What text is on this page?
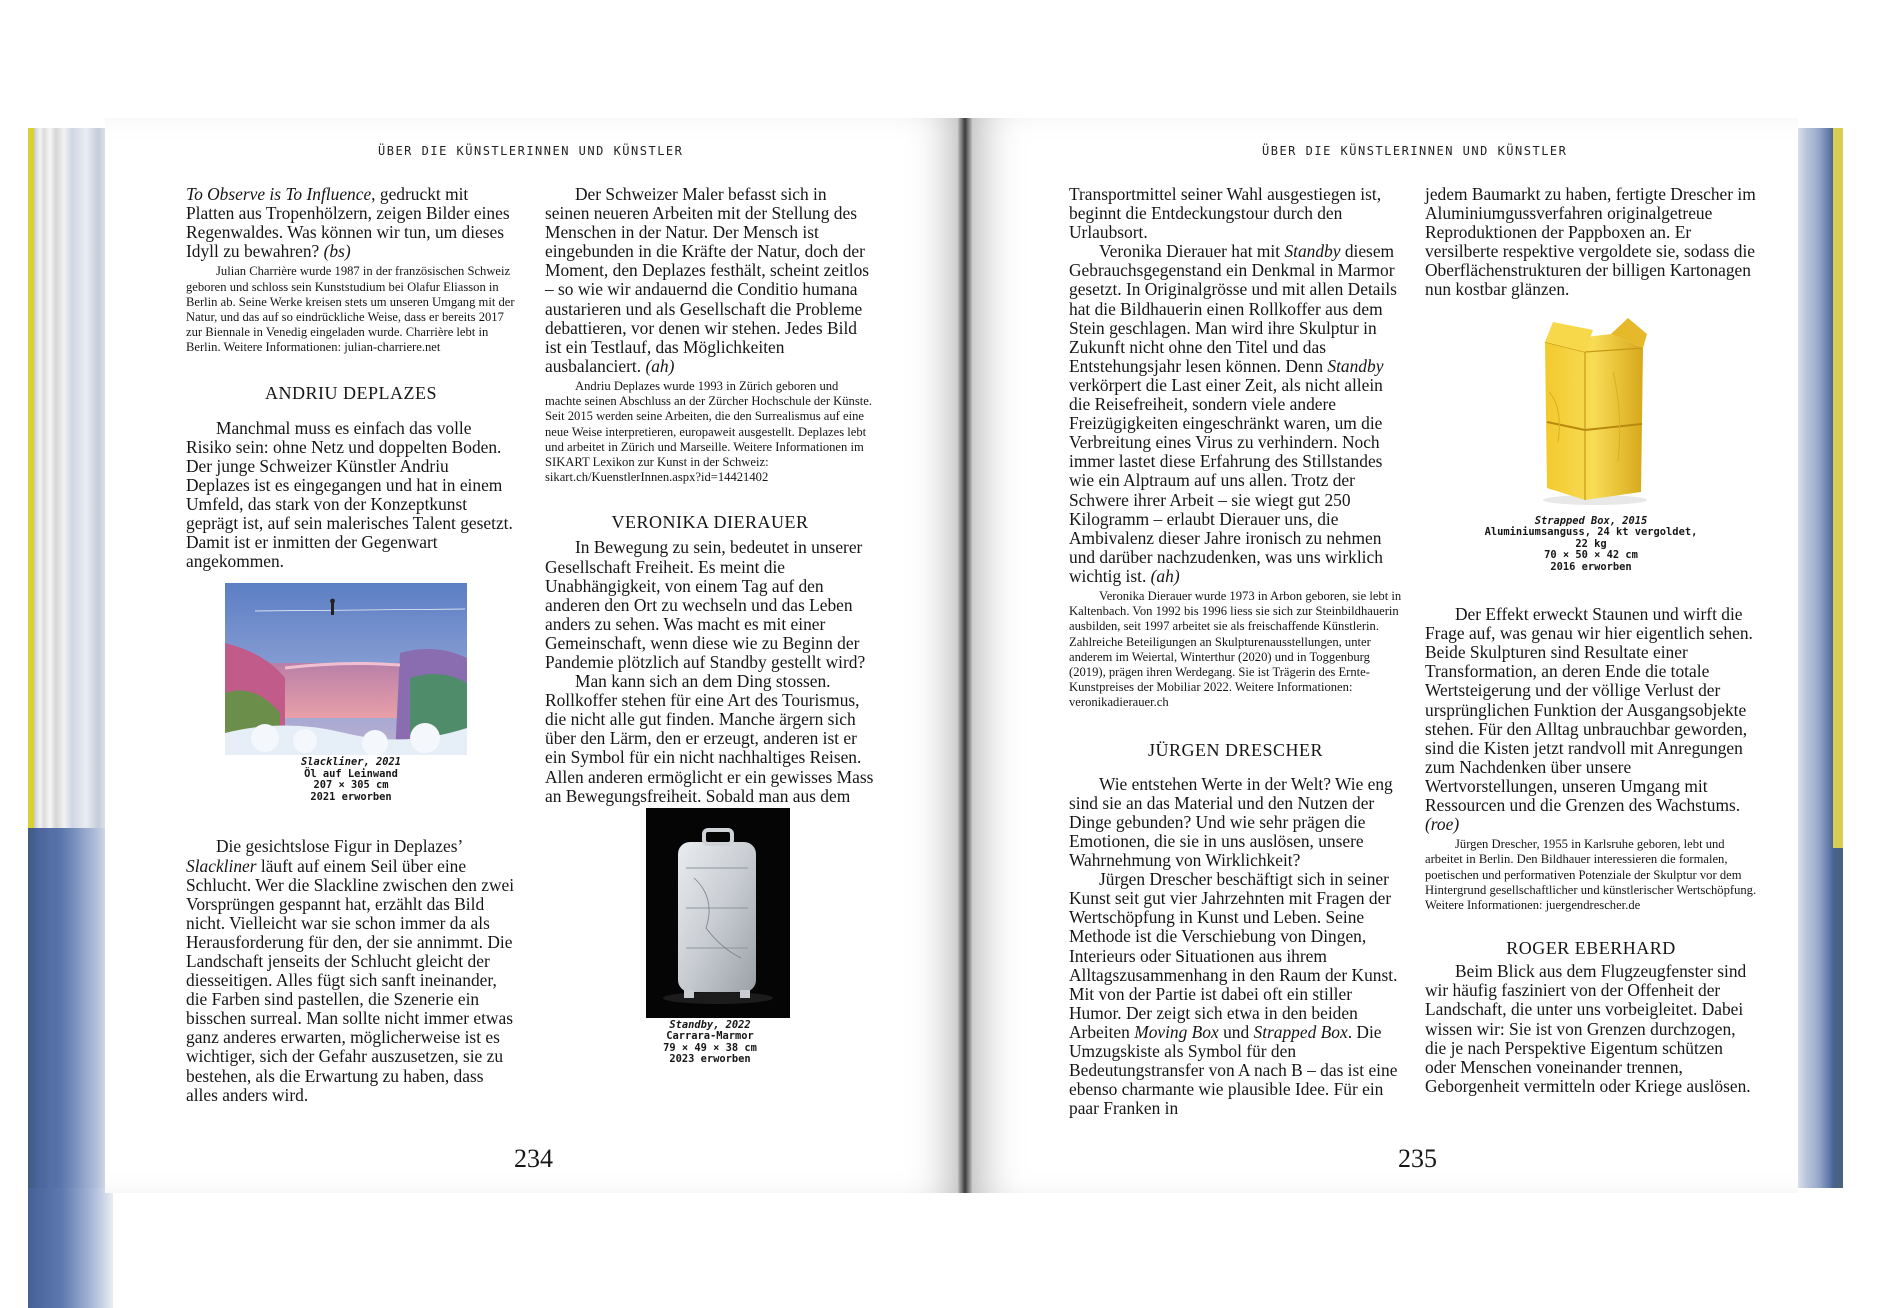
ÜBER DIE KÜNSTLERINNEN UND KÜNSTLER	ÜBER DIE KÜNSTLERINNEN UND KÜNSTLER

To Observe is To Influence, gedruckt mit Platten aus Tropenhölzern, zeigen Bilder eines Regenwaldes. Was können wir tun, um dieses Idyll zu bewahren? (bs)

Julian Charrière wurde 1987 in der französischen Schweiz geboren und schloss sein Kunststudium bei Olafur Eliasson in Berlin ab. Seine Werke kreisen stets um unseren Umgang mit der Natur, und das auf so eindrückliche Weise, dass er bereits 2017 zur Biennale in Venedig eingeladen wurde. Charrière lebt in Berlin. Weitere Informationen: julian-charriere.net

ANDRIU DEPLAZES

Manchmal muss es einfach das volle Risiko sein: ohne Netz und doppelten Boden. Der junge Schweizer Künstler Andriu Deplazes ist es eingegangen und hat in einem Umfeld, das stark von der Konzeptkunst geprägt ist, auf sein malerisches Talent gesetzt. Damit ist er inmitten der Gegenwart angekommen.

Slackliner, 2021

Öl auf Leinwand

207 × 305 cm

2021 erworben

Die gesichtslose Figur in Deplazes’ Slackliner läuft auf einem Seil über eine Schlucht. Wer die Slackline zwischen den zwei Vorsprüngen gespannt hat, erzählt das Bild nicht. Vielleicht war sie schon immer da als Herausforderung für den, der sie annimmt. Die Landschaft jenseits der Schlucht gleicht der diesseitigen. Alles fügt sich sanft ineinander, die Farben sind pastellen, die Szenerie ein bisschen surreal. Man sollte nicht immer etwas ganz anderes erwarten, möglicherweise ist es wichtiger, sich der Gefahr auszusetzen, sie zu bestehen, als die Erwartung zu haben, dass alles anders wird.

Der Schweizer Maler befasst sich in seinen neueren Arbeiten mit der Stellung des Menschen in der Natur. Der Mensch ist eingebunden in die Kräfte der Natur, doch der Moment, den Deplazes festhält, scheint zeitlos – so wie wir andauernd die Conditio humana austarieren und als Gesellschaft die Probleme debattieren, vor denen wir stehen. Jedes Bild ist ein Testlauf, das Möglichkeiten ausbalanciert. (ah)

Andriu Deplazes wurde 1993 in Zürich geboren und machte seinen Abschluss an der Zürcher Hochschule der Künste. Seit 2015 werden seine Arbeiten, die den Surrealismus auf eine neue Weise interpretieren, europaweit ausgestellt. Deplazes lebt und arbeitet in Zürich und Marseille. Weitere Informationen im SIKART Lexikon zur Kunst in der Schweiz: sikart.ch/KuenstlerInnen.aspx?id=14421402

VERONIKA DIERAUER

In Bewegung zu sein, bedeutet in unserer Gesellschaft Freiheit. Es meint die Unabhängigkeit, von einem Tag auf den anderen den Ort zu wechseln und das Leben anders zu sehen. Was macht es mit einer Gemeinschaft, wenn diese wie zu Beginn der Pandemie plötzlich auf Standby gestellt wird?

Man kann sich an dem Ding stossen. Rollkoffer stehen für eine Art des Tourismus, die nicht alle gut finden. Manche ärgern sich über den Lärm, den er erzeugt, anderen ist er ein Symbol für ein nicht nachhaltiges Reisen. Allen anderen ermöglicht er ein gewisses Mass an Bewegungsfreiheit. Sobald man aus dem

Standby, 2022

Carrara-Marmor

79 × 49 × 38 cm

2023 erworben

234

Transportmittel seiner Wahl ausgestiegen ist, beginnt die Entdeckungstour durch den Urlaubsort.

Veronika Dierauer hat mit Standby diesem Gebrauchsgegenstand ein Denkmal in Marmor gesetzt. In Originalgrösse und mit allen Details hat die Bildhauerin einen Rollkoffer aus dem Stein geschlagen. Man wird ihre Skulptur in Zukunft nicht ohne den Titel und das Entstehungsjahr lesen können. Denn Standby verkörpert die Last einer Zeit, als nicht allein die Reisefreiheit, sondern viele andere Freizügigkeiten eingeschränkt waren, um die Verbreitung eines Virus zu verhindern. Noch immer lastet diese Erfahrung des Stillstandes wie ein Alptraum auf uns allen. Trotz der Schwere ihrer Arbeit – sie wiegt gut 250 Kilogramm – erlaubt Dierauer uns, die Ambivalenz dieser Jahre ironisch zu nehmen und darüber nachzudenken, was uns wirklich wichtig ist. (ah)

Veronika Dierauer wurde 1973 in Arbon geboren, sie lebt in Kaltenbach. Von 1992 bis 1996 liess sie sich zur Steinbildhauerin ausbilden, seit 1997 arbeitet sie als freischaffende Künstlerin. Zahlreiche Beteiligungen an Skulpturenausstellungen, unter anderem im Weiertal, Winterthur (2020) und in Toggenburg (2019), prägen ihren Werdegang. Sie ist Trägerin des Ernte-Kunstpreises der Mobiliar 2022. Weitere Informationen: veronikadierauer.ch

JÜRGEN DRESCHER

Wie entstehen Werte in der Welt? Wie eng sind sie an das Material und den Nutzen der Dinge gebunden? Und wie sehr prägen die Emotionen, die sie in uns auslösen, unsere Wahrnehmung von Wirklichkeit?

Jürgen Drescher beschäftigt sich in seiner Kunst seit gut vier Jahrzehnten mit Fragen der Wertschöpfung in Kunst und Leben. Seine Methode ist die Verschiebung von Dingen, Interieurs oder Situationen aus ihrem Alltagszusammenhang in den Raum der Kunst. Mit von der Partie ist dabei oft ein stiller Humor. Der zeigt sich etwa in den beiden Arbeiten Moving Box und Strapped Box. Die Umzugskiste als Symbol für den Bedeutungstransfer von A nach B – das ist eine ebenso charmante wie plausible Idee. Für ein paar Franken in

jedem Baumarkt zu haben, fertigte Drescher im Aluminiumgussverfahren originalgetreue Reproduktionen der Pappboxen an. Er versilberte respektive vergoldete sie, sodass die Oberflächenstrukturen der billigen Kartonagen nun kostbar glänzen.

Strapped Box, 2015

Aluminiumsanguss, 24 kt vergoldet,

22 kg

70 × 50 × 42 cm

2016 erworben

Der Effekt erweckt Staunen und wirft die Frage auf, was genau wir hier eigentlich sehen. Beide Skulpturen sind Resultate einer Transformation, an deren Ende die totale Wertsteigerung und der völlige Verlust der ursprünglichen Funktion der Ausgangsobjekte stehen. Für den Alltag unbrauchbar geworden, sind die Kisten jetzt randvoll mit Anregungen zum Nachdenken über unsere Wertvorstellungen, unseren Umgang mit Ressourcen und die Grenzen des Wachstums. (roe)

Jürgen Drescher, 1955 in Karlsruhe geboren, lebt und arbeitet in Berlin. Den Bildhauer interessieren die formalen, poetischen und performativen Potenziale der Skulptur vor dem Hintergrund gesellschaftlicher und künstlerischer Wertschöpfung. Weitere Informationen: juergendrescher.de

ROGER EBERHARD

Beim Blick aus dem Flugzeugfenster sind wir häufig fasziniert von der Offenheit der Landschaft, die unter uns vorbeigleitet. Dabei wissen wir: Sie ist von Grenzen durchzogen, die je nach Perspektive Eigentum schützen oder Menschen voneinander trennen, Geborgenheit vermitteln oder Kriege auslösen.

235
